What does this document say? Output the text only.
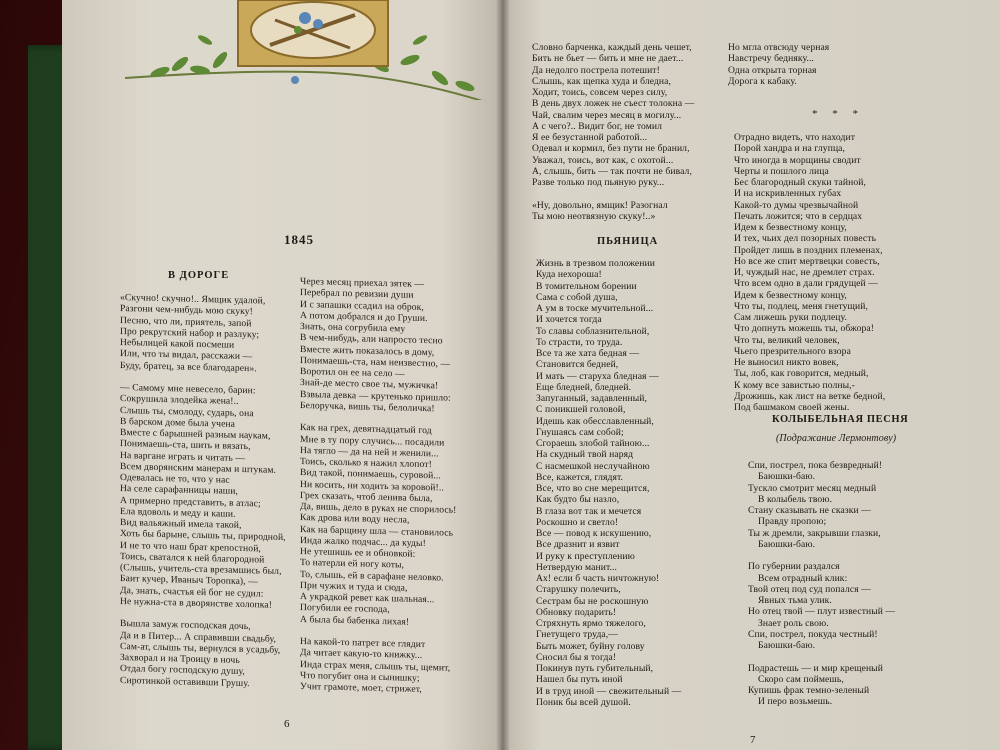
1845
В ДОРОГЕ
«Скучно! скучно!.. Ямщик удалой,
Разгони чем-нибудь мою скуку!
Песню, что ли, приятель, запой
Про рекрутский набор и разлуку;
Небылицей какой посмеши
Или, что ты видал, расскажи —
Буду, братец, за все благодарен».
— Самому мне невесело, барин:
Сокрушила злодейка жена!..
Слышь ты, смолоду, сударь, она
В барском доме была учена
Вместе с барышней разным наукам,
Понимаешь-ста, шить и вязать,
На варгане играть и читать —
Всем дворянским манерам и штукам.
Одевалась не то, что у нас
На селе сарафанницы наши,
А примерно представить, в атлас;
Ела вдоволь и меду и каши.
Вид вальяжный имела такой,
Хоть бы барыне, слышь ты, природной,
И не то что наш брат крепостной,
Тоись, сватался к ней благородной
(Слышь, учитель-ста врезамшись был,
Баит кучер, Иваныч Торопка), —
Да, знать, счастья ей бог не судил:
Не нужна-ста в дворянстве холопка!
Вышла замуж господская дочь,
Да и в Питер... А справивши свадьбу,
Сам-ат, слышь ты, вернулся в усадьбу,
Захворал и на Троицу в ночь
Отдал богу господскую душу,
Сиротинкой оставивши Грушу.
Через месяц приехал зятек —
Перебрал по ревизии души
И с запашки ссадил на оброк,
А потом добрался и до Груши.
Знать, она согрубила ему
В чем-нибудь, али напросто тесно
Вместе жить показалось в дому,
Понимаешь-ста, нам неизвестно, —
Воротил он ее на село —
Знай-де место свое ты, мужичка!
Взвыла девка — крутенько пришло:
Белоручка, вишь ты, белоличка!
Как на грех, девятнадцатый год
Мне в ту пору случись... посадили
На тягло — да на ней и женили...
Тоись, сколько я нажил хлопот!
Вид такой, понимаешь, суровой...
Ни косить, ни ходить за коровой!..
Грех сказать, чтоб ленива была,
Да, вишь, дело в руках не спорилось!
Как дрова или воду несла,
Как на барщину шла — становилось
Инда жалко подчас... да куды!
Не утешишь ее и обновкой:
То натерли ей ногу коты,
То, слышь, ей в сарафане неловко.
При чужих и туда и сюда,
А украдкой ревет как шальная...
Погубили ее господа,
А была бы бабенка лихая!
На какой-то патрет все глядит
Да читает какую-то книжку...
Инда страх меня, слышь ты, щемит,
Что погубит она и сынишку;
Учит грамоте, моет, стрижет,
6
Словно барченка, каждый день чешет,
Бить не бьет — бить и мне не дает...
Да недолго пострела потешит!
Слышь, как щепка худа и бледна,
Ходит, тоись, совсем через силу,
В день двух ложек не съест толокна —
Чай, свалим через месяц в могилу...
А с чего?.. Видит бог, не томил
Я ее безустанной работой...
Одевал и кормил, без пути не бранил,
Уважал, тоись, вот как, с охотой...
А, слышь, бить — так почти не бивал,
Разве только под пьяную руку...
«Ну, довольно, ямщик! Разогнал
Ты мою неотвязную скуку!..»
ПЬЯНИЦА
Жизнь в трезвом положении
Куда нехороша!
В томительном борении
Сама с собой душа,
А ум в тоске мучительной...
И хочется тогда
То славы соблазнительной,
То страсти, то труда.
Все та же хата бедная —
Становится бедней,
И мать — старуха бледная —
Еще бледней, бледней.
Запуганный, задавленный,
С поникшей головой,
Идешь как обесславленный,
Гнушаясь сам собой;
Сгораешь злобой тайною...
На скудный твой наряд
С насмешкой неслучайною
Все, кажется, глядят.
Все, что во сне мерещится,
Как будто бы назло,
В глаза вот так и мечется
Роскошно и светло!
Все — повод к искушению,
Все дразнит и язвит
И руку к преступлению
Нетвердую манит...
Ах! если б часть ничтожную!
Старушку полечить,
Сестрам бы не роскошную
Обновку подарить!
Стряхнуть ярмо тяжелого,
Гнетущего труда,—
Быть может, буйну голову
Сносил бы я тогда!
Покинув путь губительный,
Нашел бы путь иной
И в труд иной — свежительный —
Поник бы всей душой.
Но мгла отвсюду черная
Навстречу бедняку...
Одна открыта торная
Дорога к кабаку.
* * *
Отрадно видеть, что находит
Порой хандра и на глупца,
Что иногда в морщины сводит
Черты и пошлого лица
Бес благородный скуки тайной,
И на искривленных губах
Какой-то думы чрезвычайной
Печать ложится; что в сердцах
Идем к безвестному концу,
И тех, чьих дел позорных повесть
Пройдет лишь в поздних племенах,
Но все же спит мертвецки совесть,
И, чуждый нас, не дремлет страх.
Что всем одно в дали грядущей —
Идем к безвестному концу,
Что ты, подлец, меня гнетущий,
Сам лижешь руки подлецу.
Что допнуть можешь ты, обжора!
Что ты, великий человек,
Чьего презрительного взора
Не выносил никто вовек,
Ты, лоб, как говорится, медный,
К кому все завистью полны,-
Дрожишь, как лист на ветке бедной,
Под башмаком своей жены.
КОЛЫБЕЛЬНАЯ ПЕСНЯ
(Подражание Лермонтову)
Спи, пострел, пока безвредный!
Баюшки-баю.
Тускло смотрит месяц медный
В колыбель твою.
Стану сказывать не сказки —
Правду пропою;
Ты ж дремли, закрывши глазки,
Баюшки-баю.
По губернии раздался
Всем отрадный клик:
Твой отец под суд попался —
Явных тьма улик.
Но отец твой — плут известный —
Знает роль свою.
Спи, пострел, покуда честный!
Баюшки-баю.
Подрастешь — и мир крещеный
Скоро сам поймешь,
Купишь фрак темно-зеленый
И перо возьмешь.
7
